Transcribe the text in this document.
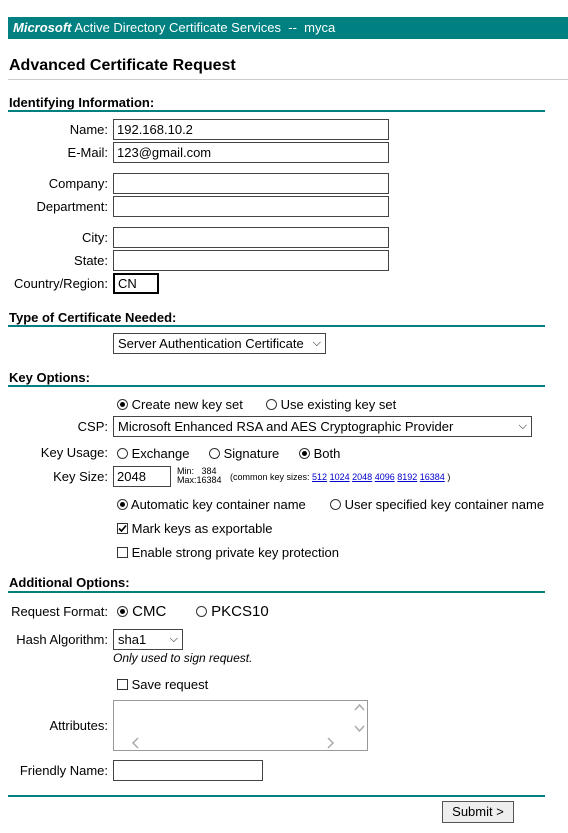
Microsoft Active Directory Certificate Services -- myca
Advanced Certificate Request
Identifying Information:
Name:
192.168.10.2
E-Mail:
123@gmail.com
Company:
Department:
City:
State:
Country/Region:
CN
Type of Certificate Needed:
Server Authentication Certificate ⌵
Key Options:
Create new key set	Use existing key set
CSP: Microsoft Enhanced RSA and AES Cryptographic Provider	⌵
Key Usage:	Exchange	Signature	Both
Key Size:
2048	Min: 384
Max:16384 (common key sizes: 512 1024 2048 4096 8192 16384 )
Automatic key container name	User specified key container name
Mark keys as exportable
Enable strong private key protection
Additional Options:
Request Format:	CMC	PKCS10
Hash Algorithm: sha1 ⌵
Only used to sign request.
Save request
Attributes:
Friendly Name:
Submit >
